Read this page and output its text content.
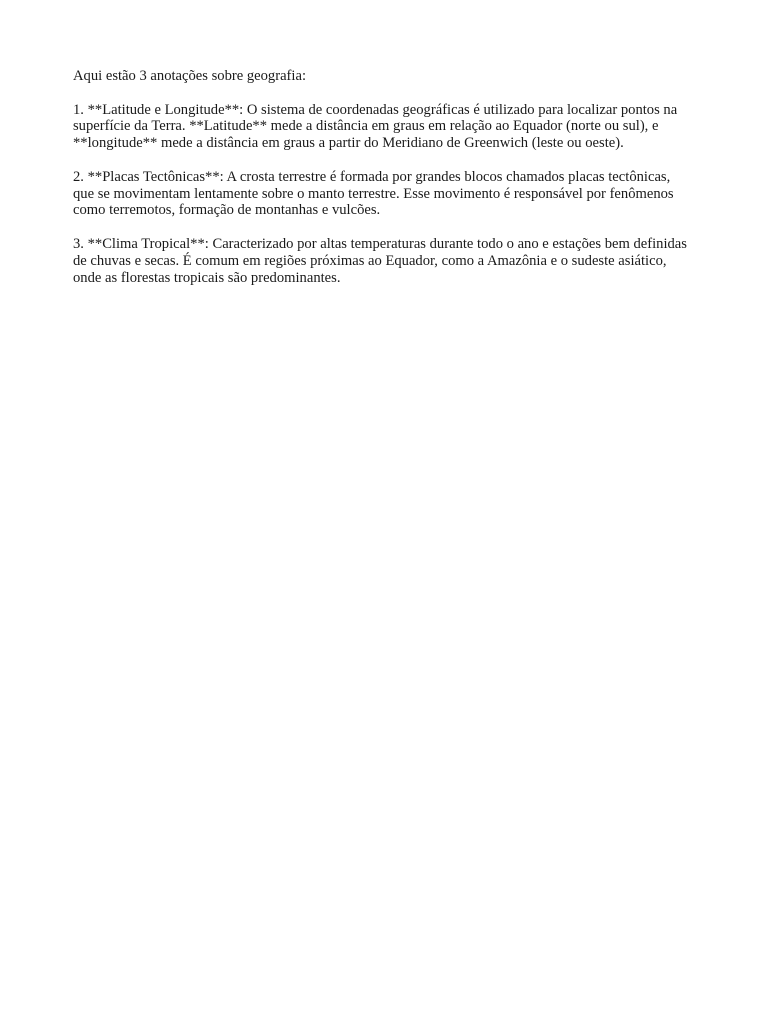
Aqui estão 3 anotações sobre geografia:

1. **Latitude e Longitude**: O sistema de coordenadas geográficas é utilizado para localizar pontos na superfície da Terra. **Latitude** mede a distância em graus em relação ao Equador (norte ou sul), e **longitude** mede a distância em graus a partir do Meridiano de Greenwich (leste ou oeste).

2. **Placas Tectônicas**: A crosta terrestre é formada por grandes blocos chamados placas tectônicas, que se movimentam lentamente sobre o manto terrestre. Esse movimento é responsável por fenômenos como terremotos, formação de montanhas e vulcões.

3. **Clima Tropical**: Caracterizado por altas temperaturas durante todo o ano e estações bem definidas de chuvas e secas. É comum em regiões próximas ao Equador, como a Amazônia e o sudeste asiático, onde as florestas tropicais são predominantes.
